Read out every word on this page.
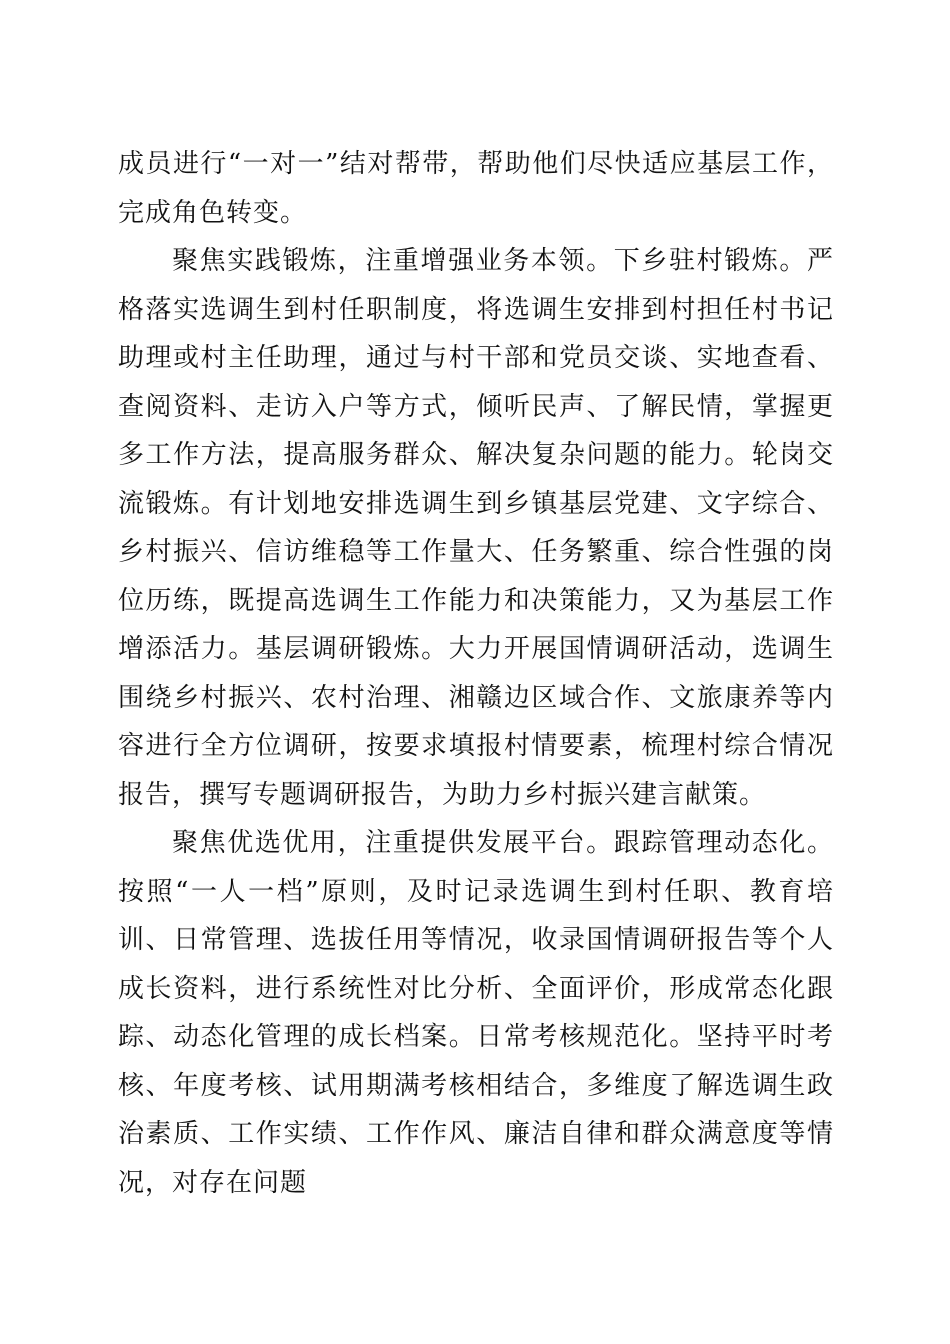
成员进行“一对一”结对帮带，帮助他们尽快适应基层工作，完成角色转变。

聚焦实践锻炼，注重增强业务本领。下乡驻村锻炼。严格落实选调生到村任职制度，将选调生安排到村担任村书记助理或村主任助理，通过与村干部和党员交谈、实地查看、查阅资料、走访入户等方式，倾听民声、了解民情，掌握更多工作方法，提高服务群众、解决复杂问题的能力。轮岗交流锻炼。有计划地安排选调生到乡镇基层党建、文字综合、乡村振兴、信访维稳等工作量大、任务繁重、综合性强的岗位历练，既提高选调生工作能力和决策能力，又为基层工作增添活力。基层调研锻炼。大力开展国情调研活动，选调生围绕乡村振兴、农村治理、湘赣边区域合作、文旅康养等内容进行全方位调研，按要求填报村情要素，梳理村综合情况报告，撰写专题调研报告，为助力乡村振兴建言献策。

聚焦优选优用，注重提供发展平台。跟踪管理动态化。按照“一人一档”原则，及时记录选调生到村任职、教育培训、日常管理、选拔任用等情况，收录国情调研报告等个人成长资料，进行系统性对比分析、全面评价，形成常态化跟踪、动态化管理的成长档案。日常考核规范化。坚持平时考核、年度考核、试用期满考核相结合，多维度了解选调生政治素质、工作实绩、工作作风、廉洁自律和群众满意度等情况，对存在问题
